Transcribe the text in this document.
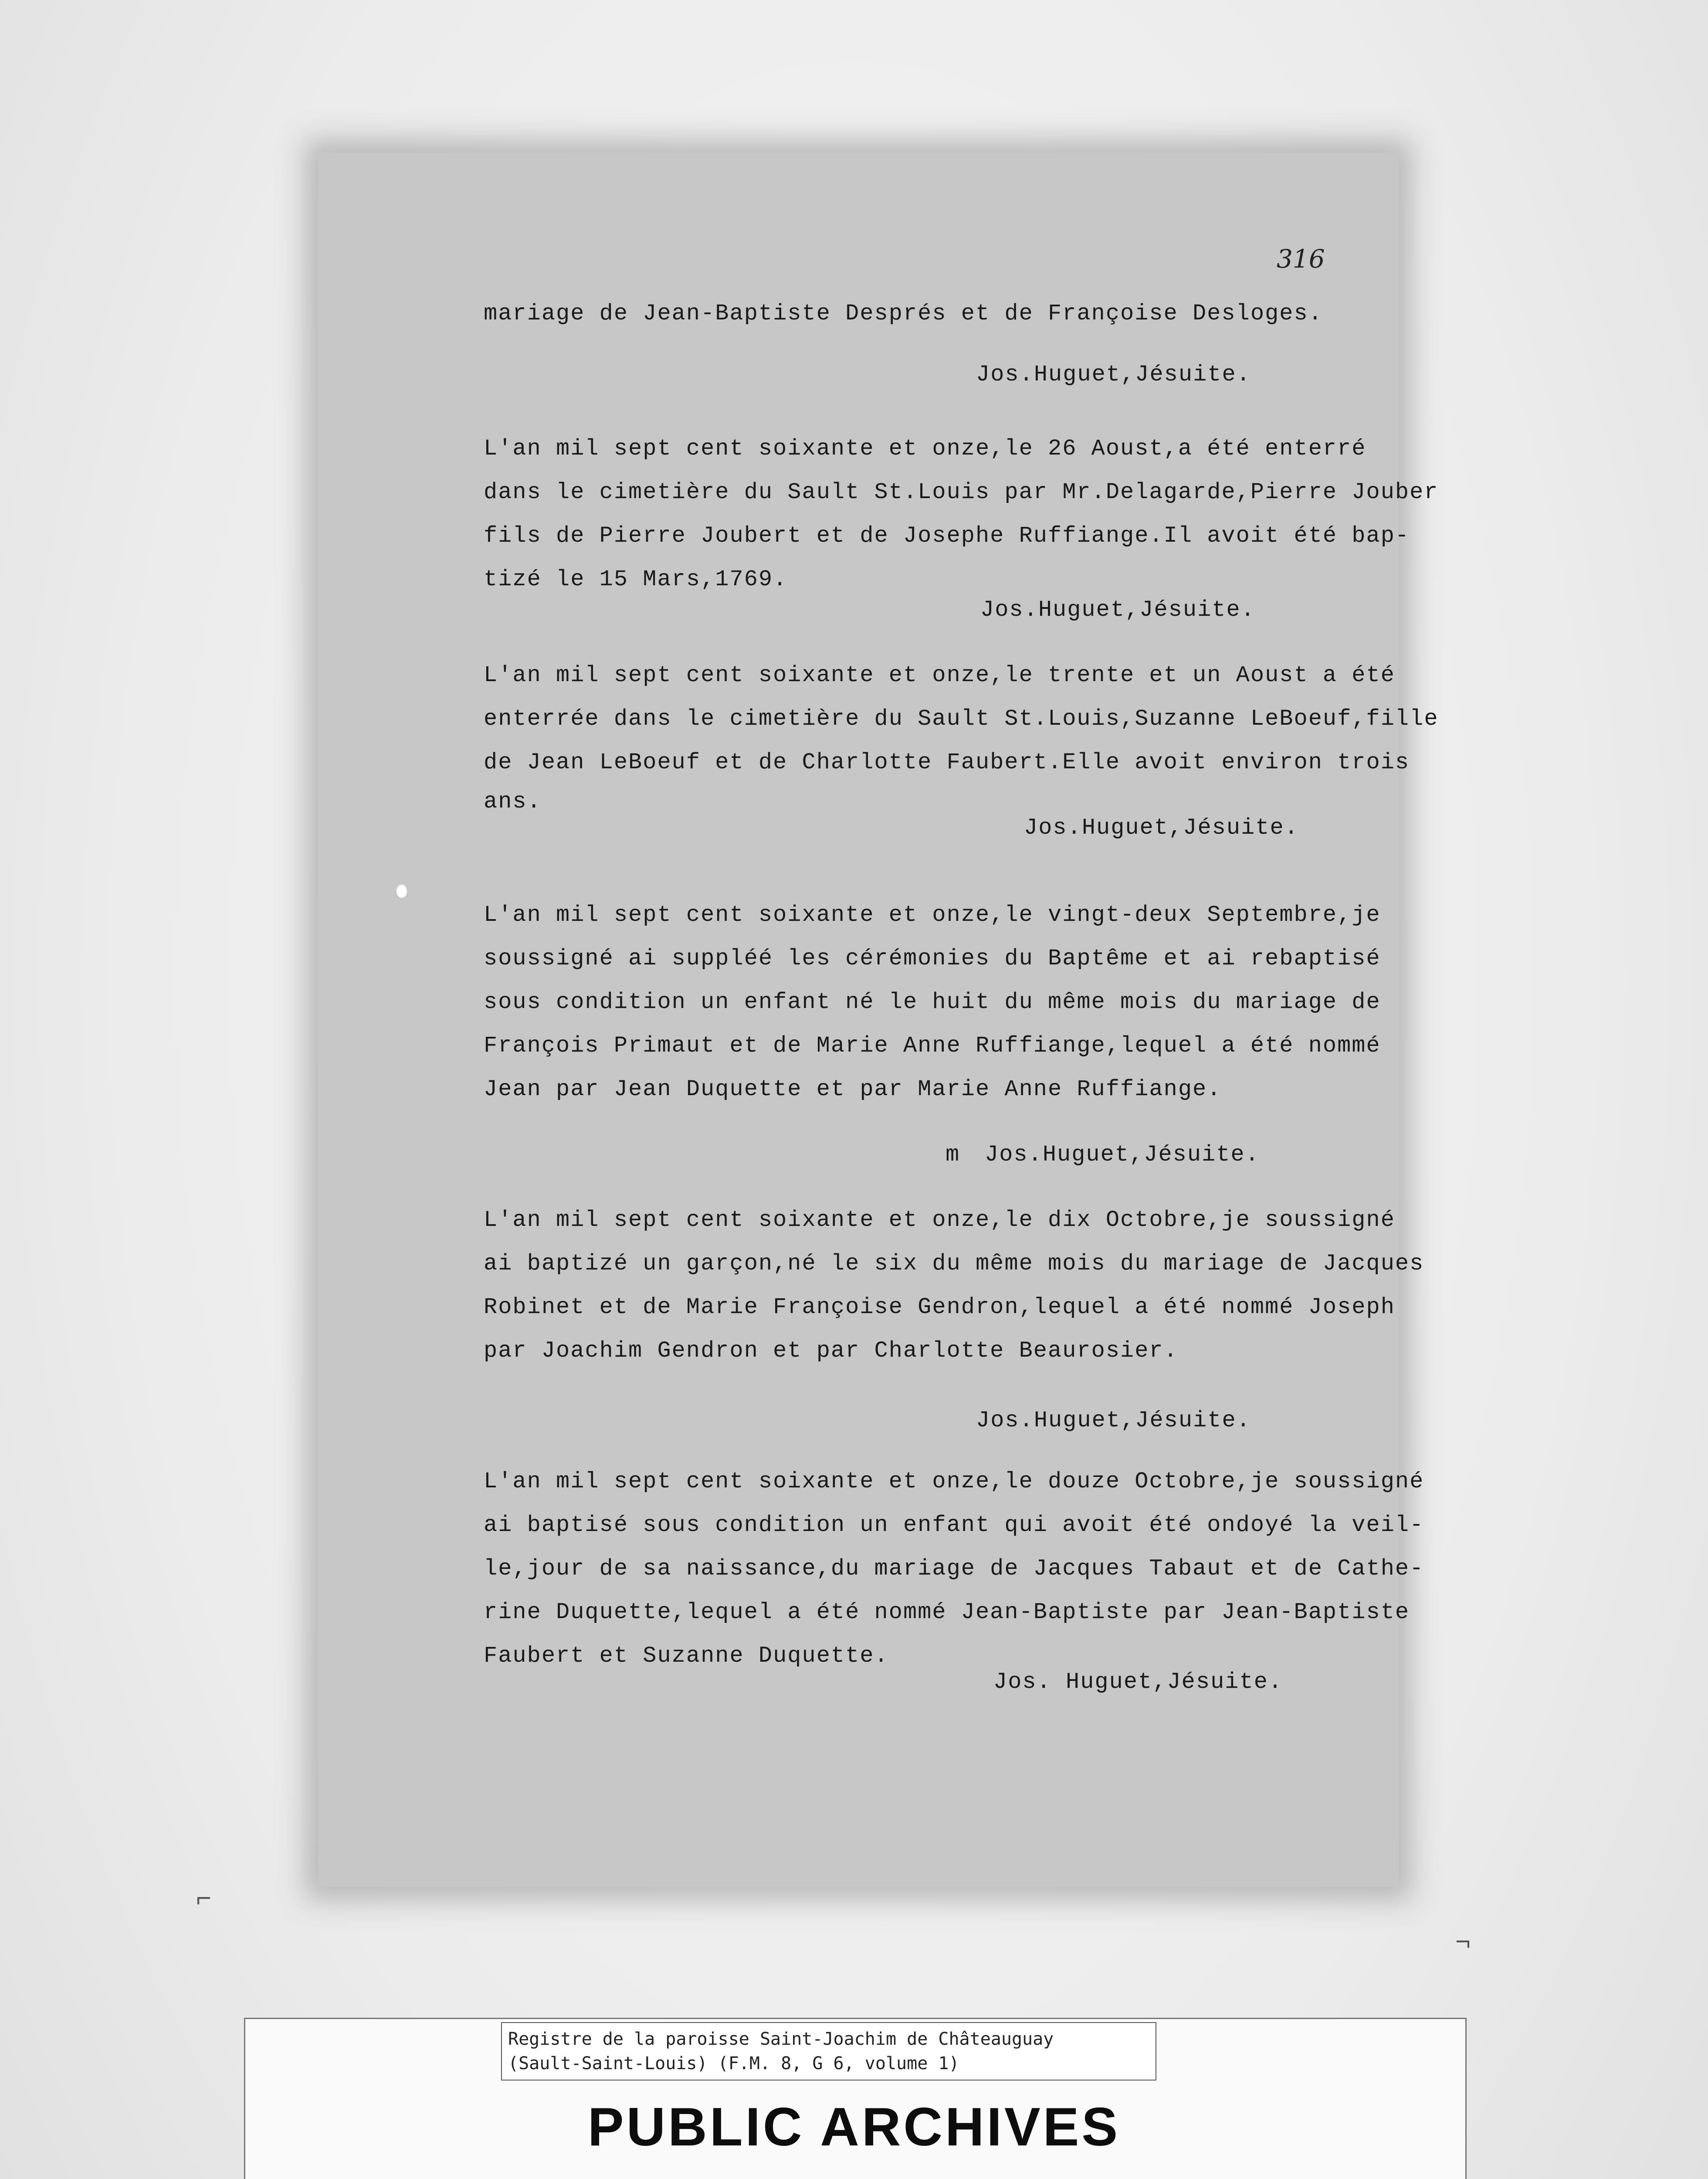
316
mariage de Jean-Baptiste Després et de Françoise Desloges.
Jos.Huguet,Jésuite.
L'an mil sept cent soixante et onze,le 26 Aoust,a été enterré
dans le cimetière du Sault St.Louis par Mr.Delagarde,Pierre Jouber
fils de Pierre Joubert et de Josephe Ruffiange.Il avoit été bap-
tizé le 15 Mars,1769.
Jos.Huguet,Jésuite.
L'an mil sept cent soixante et onze,le trente et un Aoust a été
enterrée dans le cimetière du Sault St.Louis,Suzanne LeBoeuf,fille
de Jean LeBoeuf et de Charlotte Faubert.Elle avoit environ trois
ans.
Jos.Huguet,Jésuite.
L'an mil sept cent soixante et onze,le vingt-deux Septembre,je
soussigné ai suppléé les cérémonies du Baptême et ai rebaptisé
sous condition un enfant né le huit du même mois du mariage de
François Primaut et de Marie Anne Ruffiange,lequel a été nommé
Jean par Jean Duquette et par Marie Anne Ruffiange.
m Jos.Huguet,Jésuite.
L'an mil sept cent soixante et onze,le dix Octobre,je soussigné
ai baptizé un garçon,né le six du même mois du mariage de Jacques
Robinet et de Marie Françoise Gendron,lequel a été nommé Joseph
par Joachim Gendron et par Charlotte Beaurosier.
Jos.Huguet,Jésuite.
L'an mil sept cent soixante et onze,le douze Octobre,je soussigné
ai baptisé sous condition un enfant qui avoit été ondoyé la veil-
le,jour de sa naissance,du mariage de Jacques Tabaut et de Cathe-
rine Duquette,lequel a été nommé Jean-Baptiste par Jean-Baptiste
Faubert et Suzanne Duquette.
Jos. Huguet,Jésuite.
⌐
¬
Registre de la paroisse Saint-Joachim de Châteauguay
(Sault-Saint-Louis) (F.M. 8, G 6, volume 1)
PUBLIC ARCHIVES
